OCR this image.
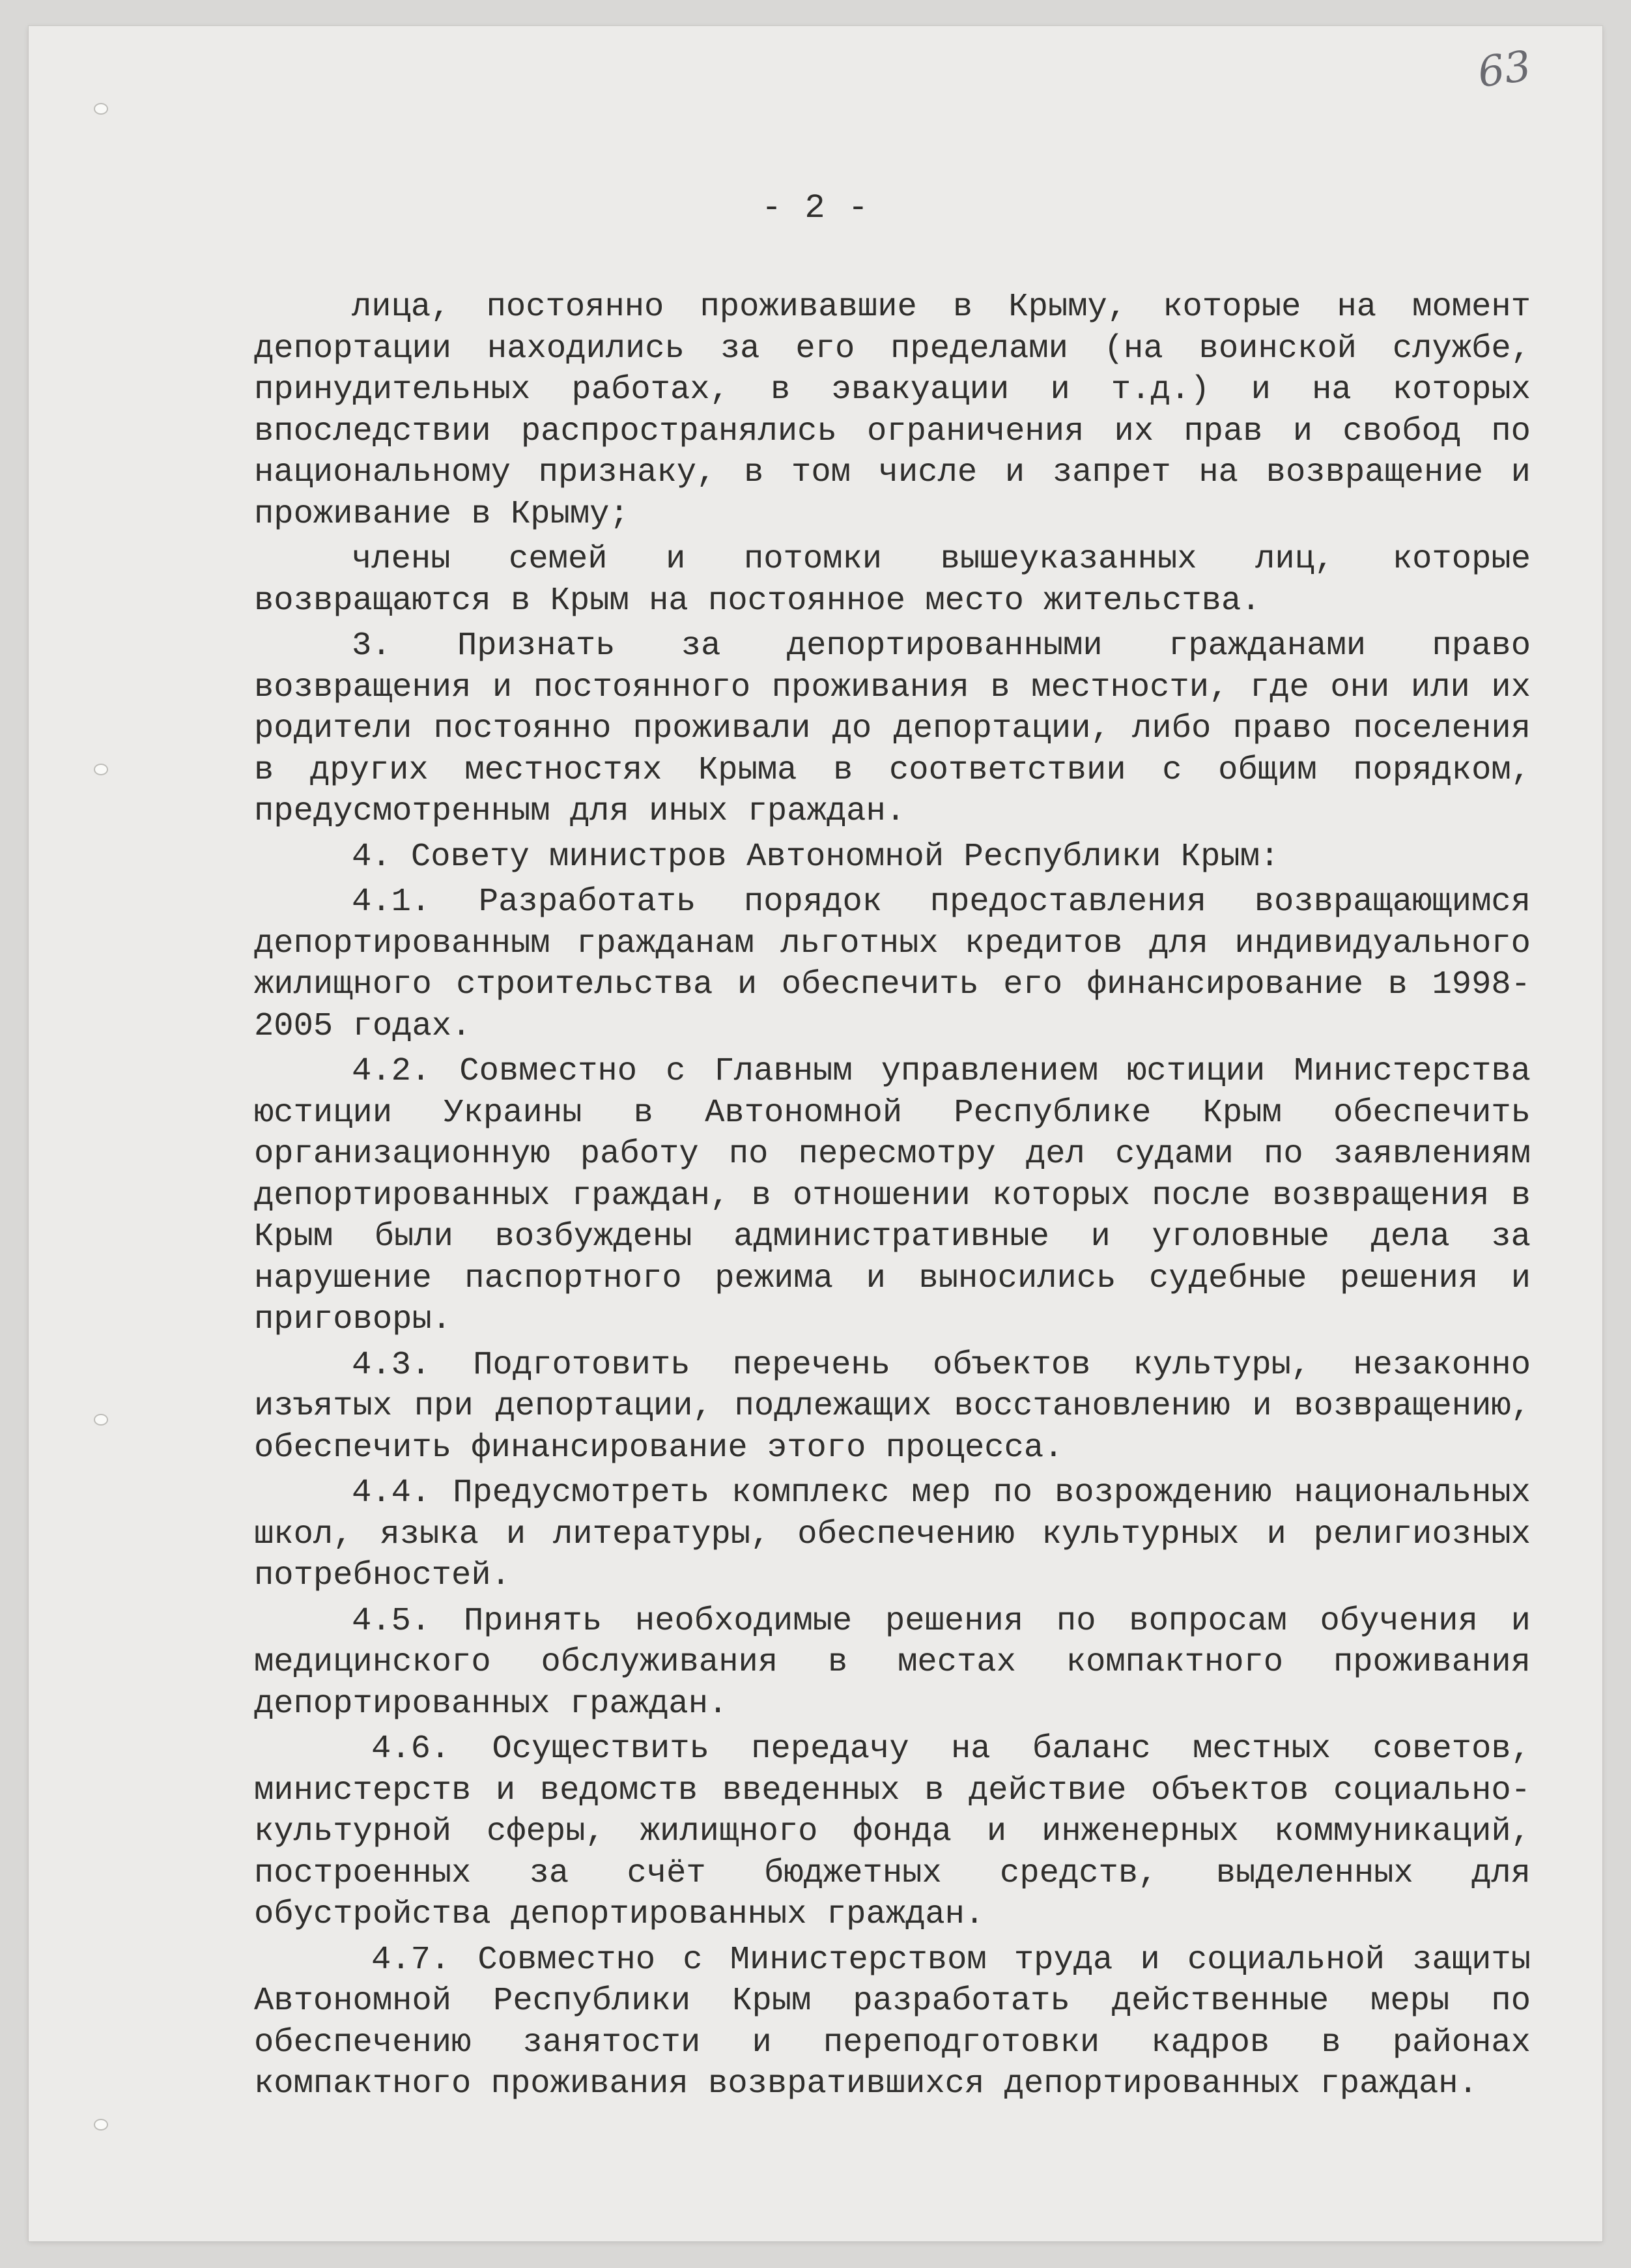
63
- 2 -

лица, постоянно проживавшие в Крыму, которые на момент депортации находились за его пределами (на воинской службе, принудительных работах, в эвакуации и т.д.) и на которых впоследствии распространялись ограничения их прав и свобод по национальному признаку, в том числе и запрет на возвращение и проживание в Крыму;

члены семей и потомки вышеуказанных лиц, которые возвращаются в Крым на постоянное место жительства.

3. Признать за депортированными гражданами право возвращения и постоянного проживания в местности, где они или их родители постоянно проживали до депортации, либо право поселения в других местностях Крыма в соответствии с общим порядком, предусмотренным для иных граждан.

4. Совету министров Автономной Республики Крым:

4.1. Разработать порядок предоставления возвращающимся депортированным гражданам льготных кредитов для индивидуального жилищного строительства и обеспечить его финансирование в 1998-2005 годах.

4.2. Совместно с Главным управлением юстиции Министерства юстиции Украины в Автономной Республике Крым обеспечить организационную работу по пересмотру дел судами по заявлениям депортированных граждан, в отношении которых после возвращения в Крым были возбуждены административные и уголовные дела за нарушение паспортного режима и выносились судебные решения и приговоры.

4.3. Подготовить перечень объектов культуры, незаконно изъятых при депортации, подлежащих восстановлению и возвращению, обеспечить финансирование этого процесса.

4.4. Предусмотреть комплекс мер по возрождению национальных школ, языка и литературы, обеспечению культурных и религиозных потребностей.

4.5. Принять необходимые решения по вопросам обучения и медицинского обслуживания в местах компактного проживания депортированных граждан.

4.6. Осуществить передачу на баланс местных советов, министерств и ведомств введенных в действие объектов социально-культурной сферы, жилищного фонда и инженерных коммуникаций, построенных за счёт бюджетных средств, выделенных для обустройства депортированных граждан.

4.7. Совместно с Министерством труда и социальной защиты Автономной Республики Крым разработать действенные меры по обеспечению занятости и переподготовки кадров в районах компактного проживания возвратившихся депортированных граждан.
